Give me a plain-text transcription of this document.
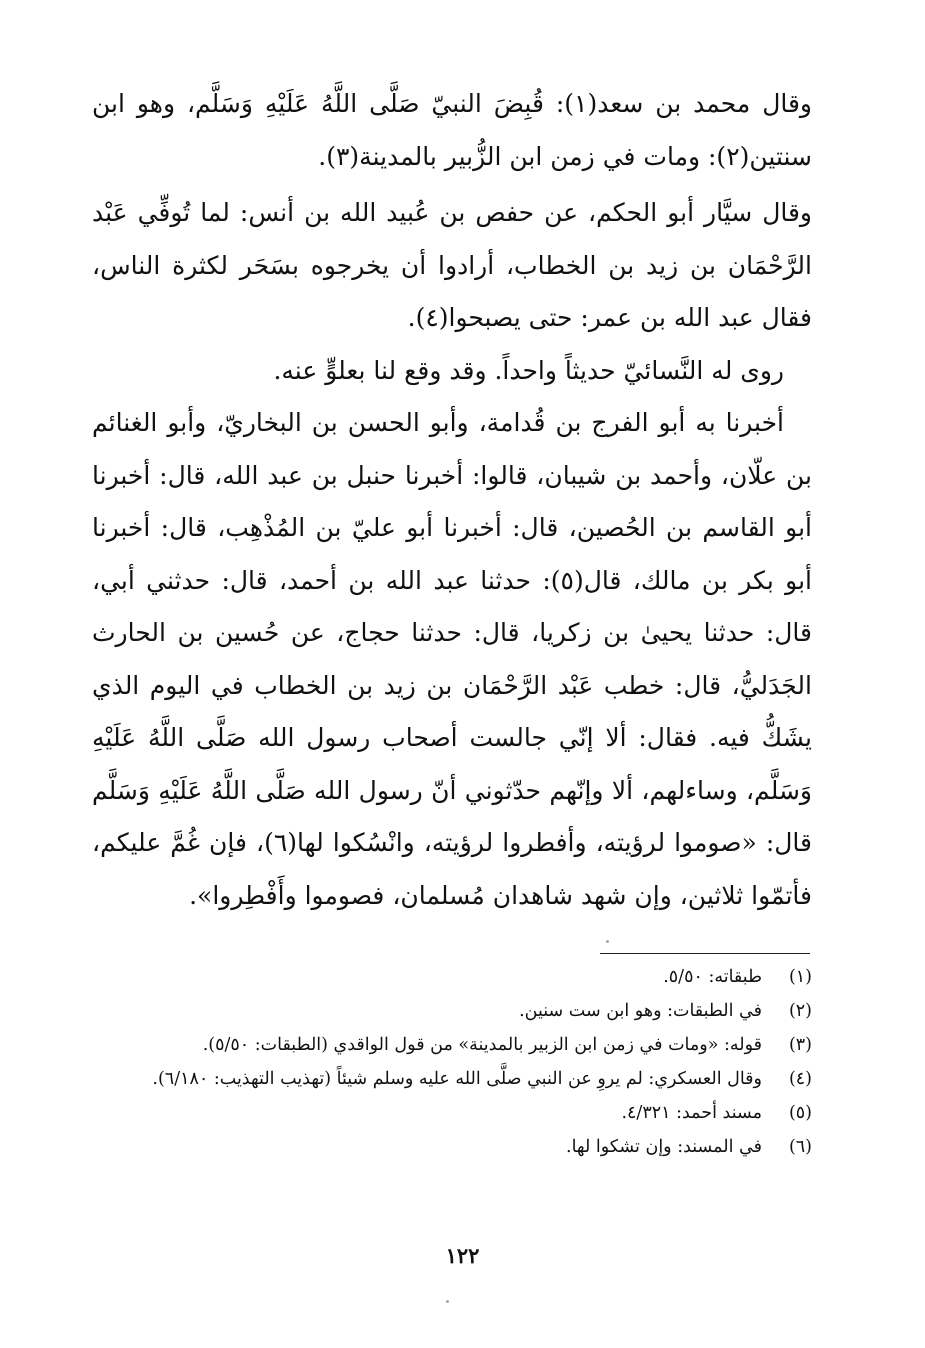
وقال محمد بن سعد(١): قُبِضَ النبيّ صَلَّى اللَّهُ عَلَيْهِ وَسَلَّم، وهو ابن سنتين(٢): ومات في زمن ابن الزُّبير بالمدينة(٣).

وقال سيَّار أبو الحكم، عن حفص بن عُبيد الله بن أنس: لما تُوفِّي عَبْد الرَّحْمَان بن زيد بن الخطاب، أرادوا أن يخرجوه بسَحَر لكثرة الناس، فقال عبد الله بن عمر: حتى يصبحوا(٤).

روى له النَّسائيّ حديثاً واحداً. وقد وقع لنا بعلوٍّ عنه.

أخبرنا به أبو الفرج بن قُدامة، وأبو الحسن بن البخاريّ، وأبو الغنائم بن علّان، وأحمد بن شيبان، قالوا: أخبرنا حنبل بن عبد الله، قال: أخبرنا أبو القاسم بن الحُصين، قال: أخبرنا أبو عليّ بن المُذْهِب، قال: أخبرنا أبو بكر بن مالك، قال(٥): حدثنا عبد الله بن أحمد، قال: حدثني أبي، قال: حدثنا يحيىٰ بن زكريا، قال: حدثنا حجاج، عن حُسين بن الحارث الجَدَليُّ، قال: خطب عَبْد الرَّحْمَان بن زيد بن الخطاب في اليوم الذي يشَكُّ فيه. فقال: ألا إنّي جالست أصحاب رسول الله صَلَّى اللَّهُ عَلَيْهِ وَسَلَّم، وساءلهم، ألا وإنّهم حدّثوني أنّ رسول الله صَلَّى اللَّهُ عَلَيْهِ وَسَلَّم قال: «صوموا لرؤيته، وأفطروا لرؤيته، وانْسُكوا لها(٦)، فإن غُمَّ عليكم، فأتمّوا ثلاثين، وإن شهد شاهدان مُسلمان، فصوموا وأَفْطِروا».

(١)
طبقاته: ٥/٥٠.
(٢)
في الطبقات: وهو ابن ست سنين.
(٣)
قوله: «ومات في زمن ابن الزبير بالمدينة» من قول الواقدي (الطبقات: ٥/٥٠).
(٤)
وقال العسكري: لم يروِ عن النبي صلَّى الله عليه وسلم شيئاً (تهذيب التهذيب: ٦/١٨٠).
(٥)
مسند أحمد: ٤/٣٢١.
(٦)
في المسند: وإن تشكوا لها.
١٢٢
